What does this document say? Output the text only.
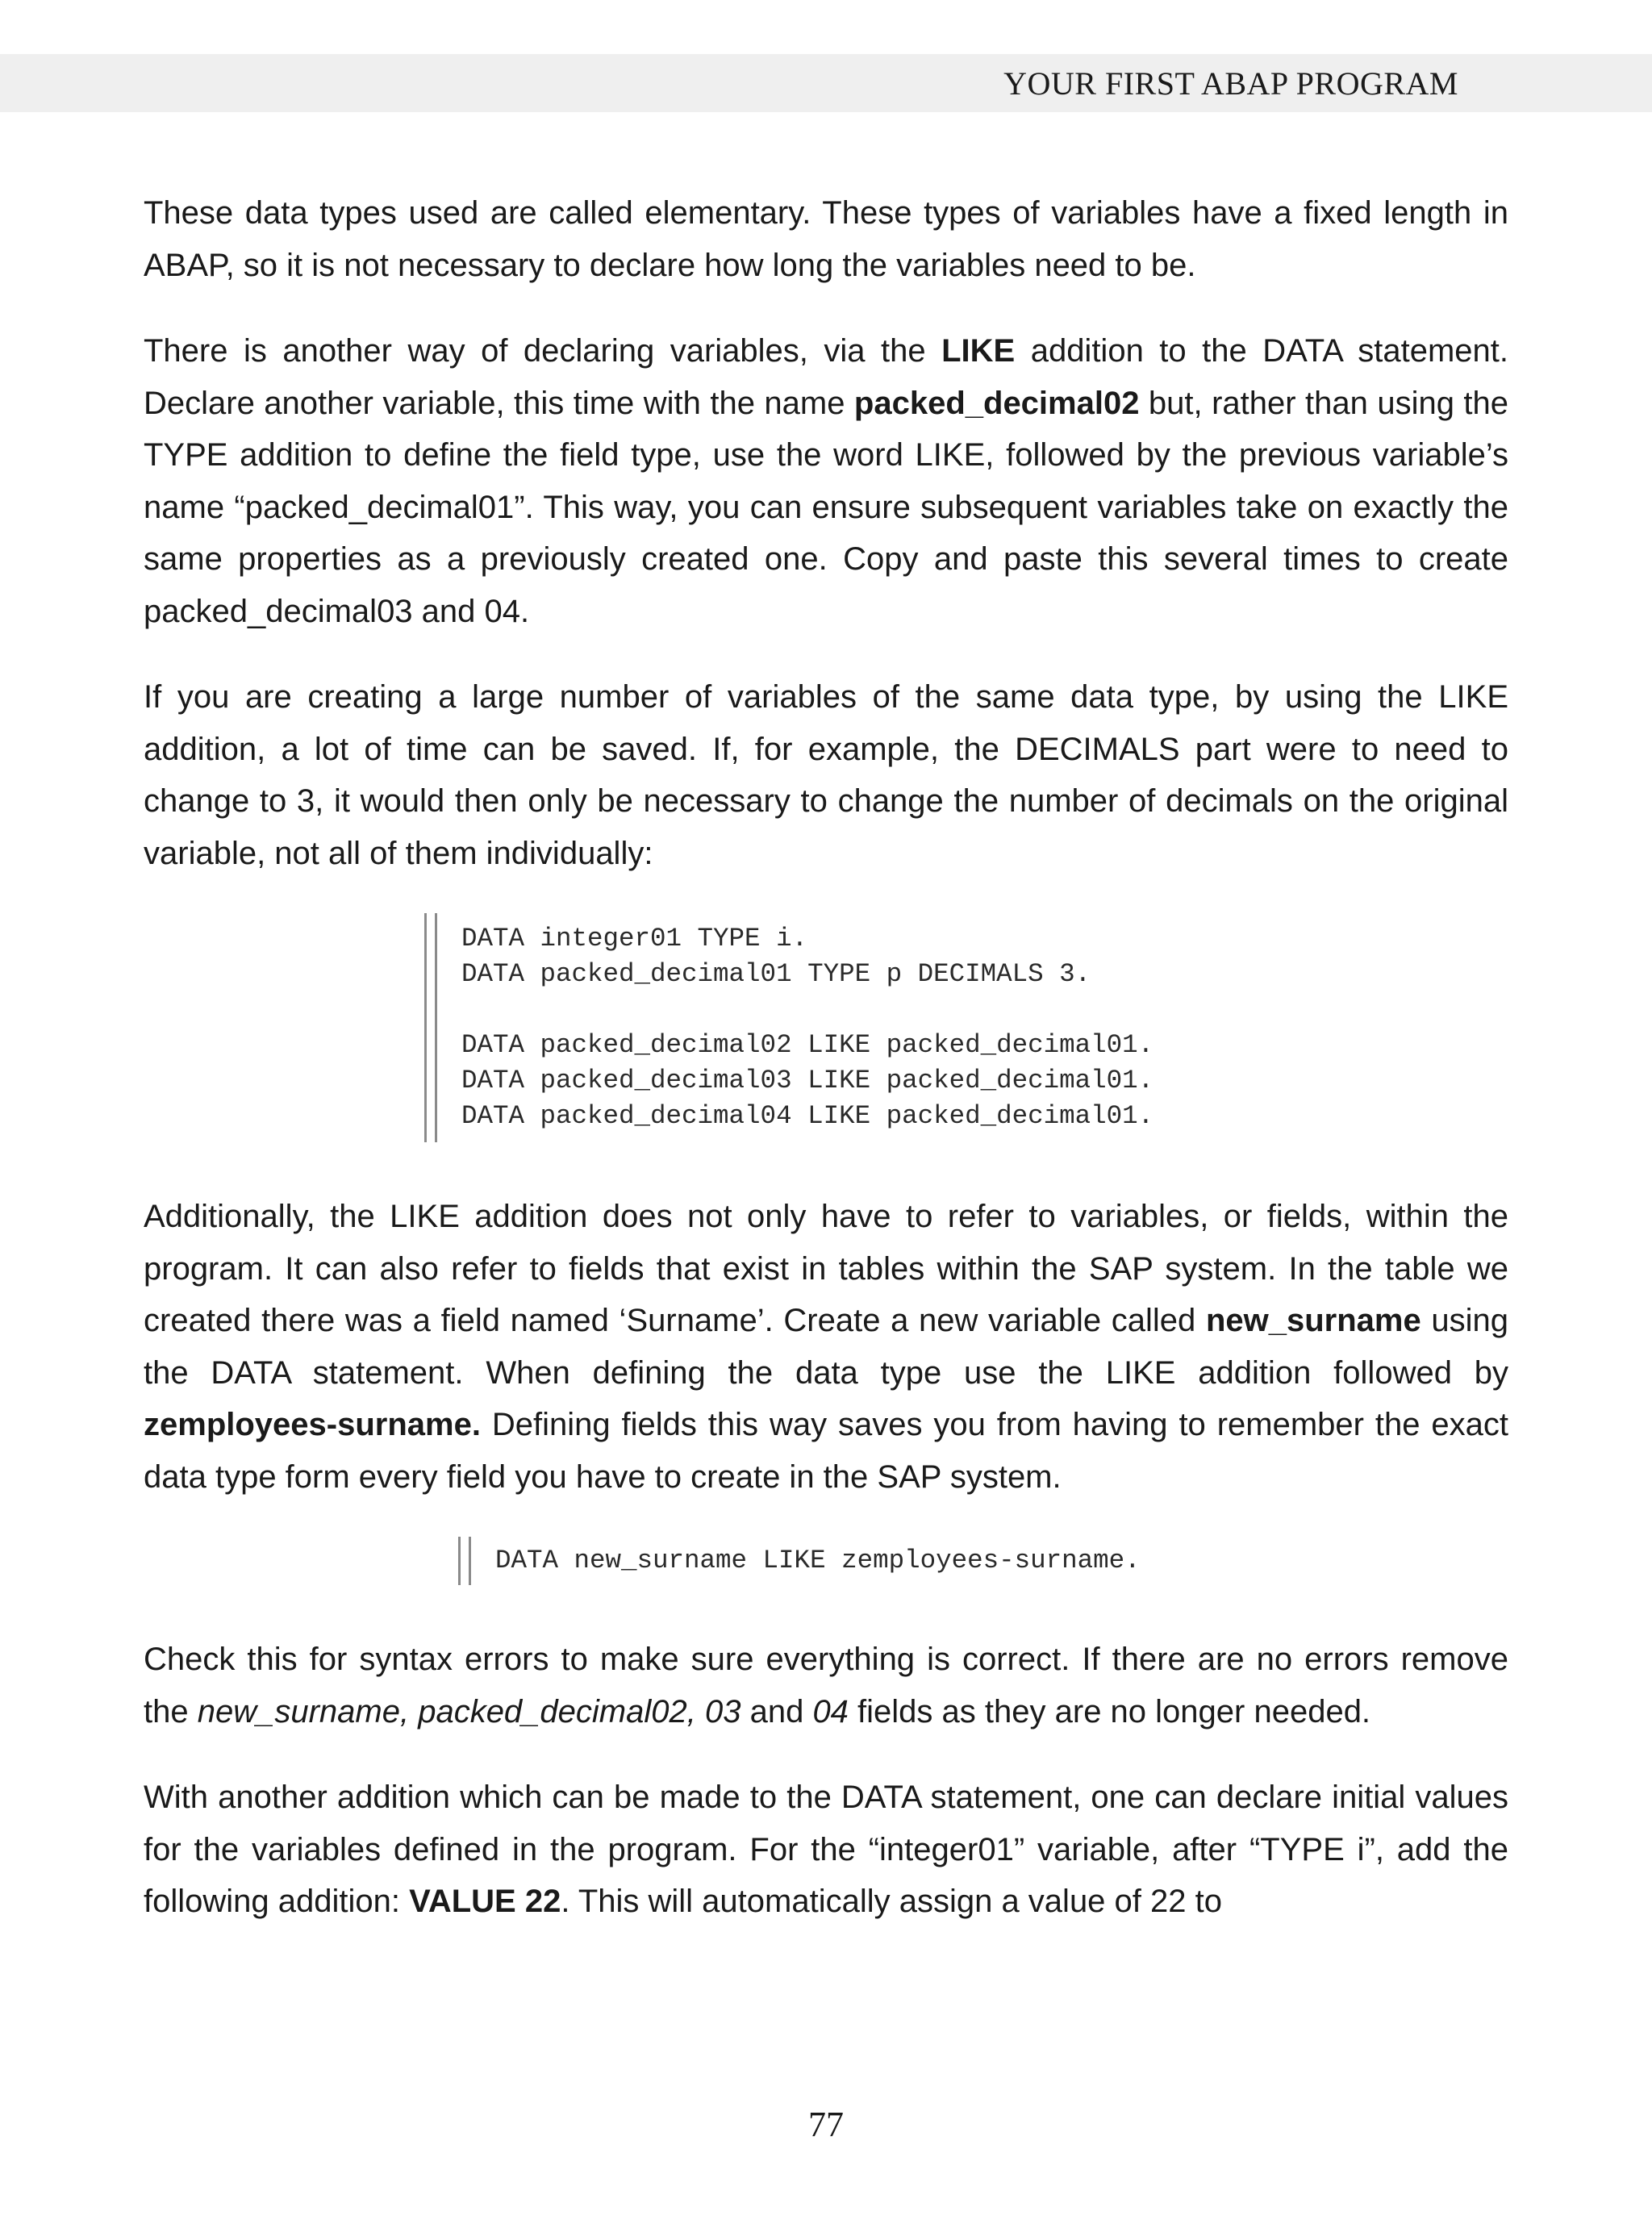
YOUR FIRST ABAP PROGRAM

These data types used are called elementary. These types of variables have a fixed length in ABAP, so it is not necessary to declare how long the variables need to be.

There is another way of declaring variables, via the LIKE addition to the DATA statement. Declare another variable, this time with the name packed_decimal02 but, rather than using the TYPE addition to define the field type, use the word LIKE, followed by the previous variable’s name “packed_decimal01”. This way, you can ensure subsequent variables take on exactly the same properties as a previously created one. Copy and paste this several times to create packed_decimal03 and 04.

If you are creating a large number of variables of the same data type, by using the LIKE addition, a lot of time can be saved. If, for example, the DECIMALS part were to need to change to 3, it would then only be necessary to change the number of decimals on the original variable, not all of them individually:

DATA integer01 TYPE i.
DATA packed_decimal01 TYPE p DECIMALS 3.
DATA packed_decimal02 LIKE packed_decimal01.
DATA packed_decimal03 LIKE packed_decimal01.
DATA packed_decimal04 LIKE packed_decimal01.

Additionally, the LIKE addition does not only have to refer to variables, or fields, within the program. It can also refer to fields that exist in tables within the SAP system. In the table we created there was a field named ‘Surname’. Create a new variable called new_surname using the DATA statement. When defining the data type use the LIKE addition followed by zemployees-surname. Defining fields this way saves you from having to remember the exact data type form every field you have to create in the SAP system.

DATA new_surname LIKE zemployees-surname.

Check this for syntax errors to make sure everything is correct. If there are no errors remove the new_surname, packed_decimal02, 03 and 04 fields as they are no longer needed.

With another addition which can be made to the DATA statement, one can declare initial values for the variables defined in the program. For the “integer01” variable, after “TYPE i”, add the following addition: VALUE 22. This will automatically assign a value of 22 to

77
